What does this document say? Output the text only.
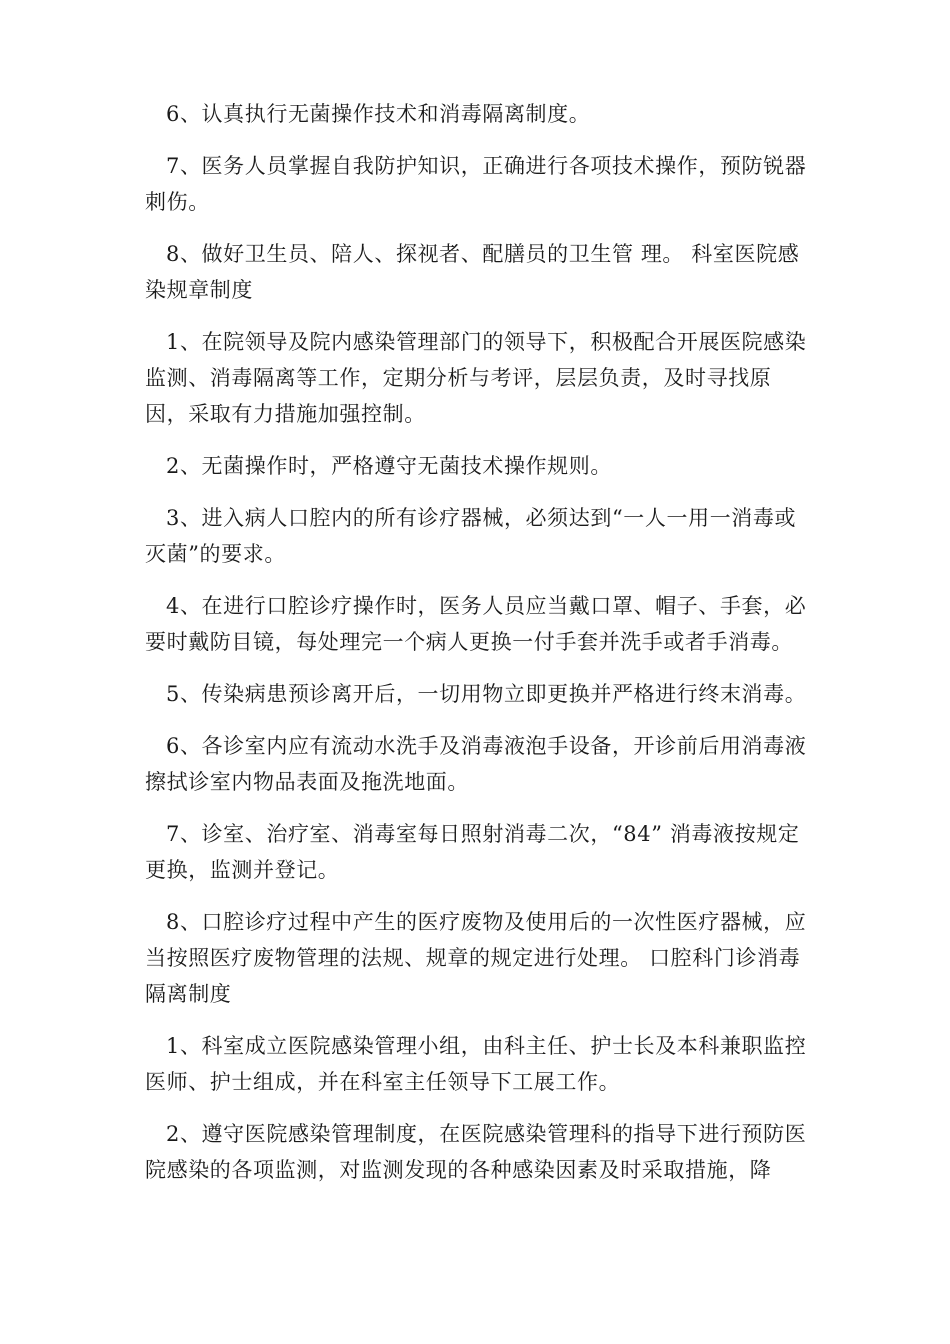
6、认真执行无菌操作技术和消毒隔离制度。

7、医务人员掌握自我防护知识，正确进行各项技术操作，预防锐器刺伤。

8、做好卫生员、陪人、探视者、配膳员的卫生管 理。 科室医院感染规章制度

1、在院领导及院内感染管理部门的领导下，积极配合开展医院感染监测、消毒隔离等工作，定期分析与考评，层层负责，及时寻找原因，采取有力措施加强控制。

2、无菌操作时，严格遵守无菌技术操作规则。

3、进入病人口腔内的所有诊疗器械，必须达到“一人一用一消毒或灭菌”的要求。

4、在进行口腔诊疗操作时，医务人员应当戴口罩、帽子、手套，必要时戴防目镜，每处理完一个病人更换一付手套并洗手或者手消毒。

5、传染病患预诊离开后，一切用物立即更换并严格进行终末消毒。

6、各诊室内应有流动水洗手及消毒液泡手设备，开诊前后用消毒液擦拭诊室内物品表面及拖洗地面。

7、诊室、治疗室、消毒室每日照射消毒二次，“84” 消毒液按规定更换，监测并登记。

8、口腔诊疗过程中产生的医疗废物及使用后的一次性医疗器械，应当按照医疗废物管理的法规、规章的规定进行处理。 口腔科门诊消毒隔离制度

1、科室成立医院感染管理小组，由科主任、护士长及本科兼职监控医师、护士组成，并在科室主任领导下工展工作。

2、遵守医院感染管理制度，在医院感染管理科的指导下进行预防医院感染的各项监测，对监测发现的各种感染因素及时采取措施，降
